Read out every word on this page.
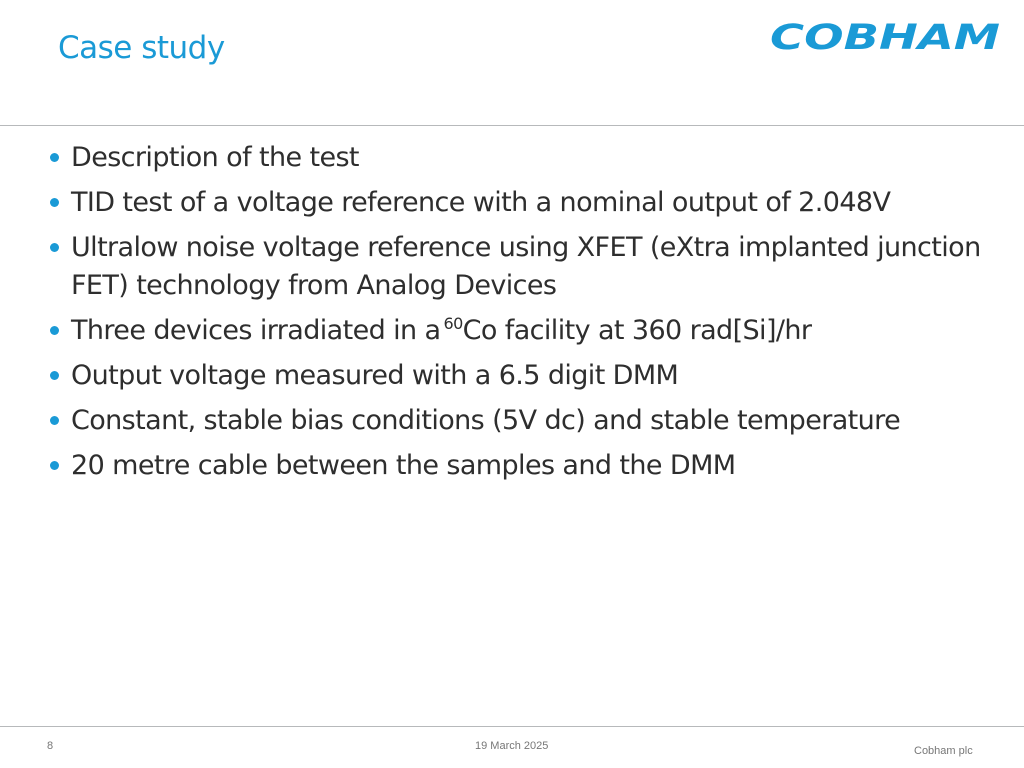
Case study	COBHAM
Description of the test
TID test of a voltage reference with a nominal output of 2.048V
Ultralow noise voltage reference using XFET (eXtra implanted junction FET) technology from Analog Devices
Three devices irradiated in a $^{60}$Co facility at 360 rad[Si]/hr
Output voltage measured with a 6.5 digit DMM
Constant, stable bias conditions (5V dc) and stable temperature
20 metre cable between the samples and the DMM
8	19 March 2025	Cobham plc
